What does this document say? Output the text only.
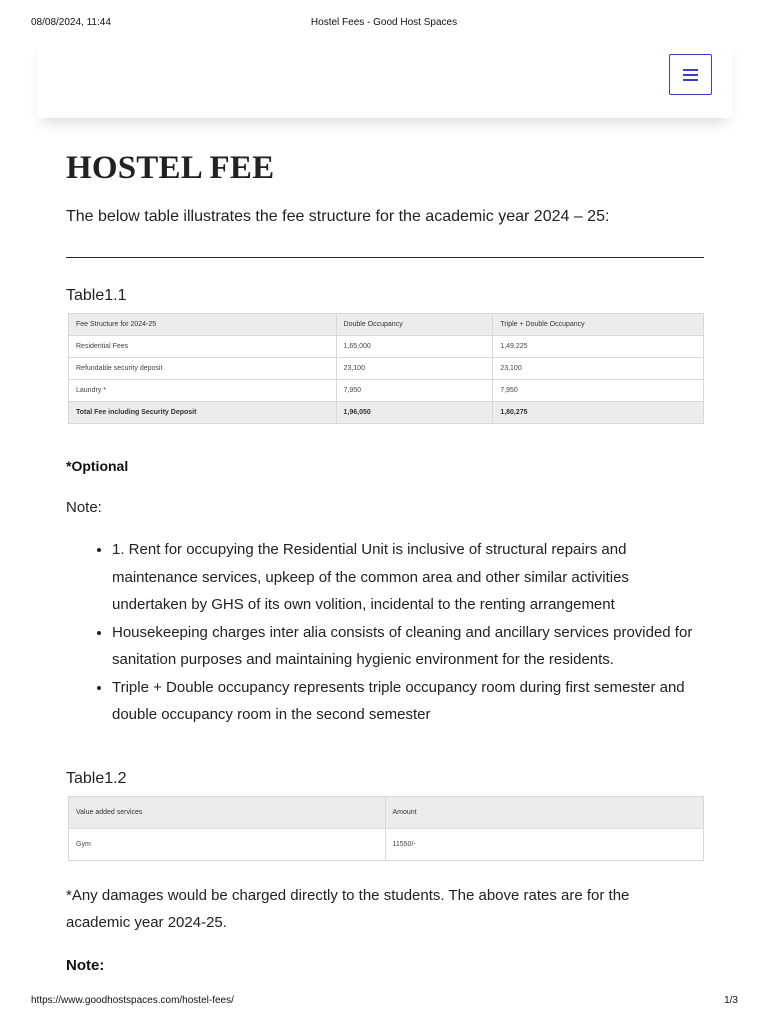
08/08/2024, 11:44	Hostel Fees - Good Host Spaces
HOSTEL FEE
The below table illustrates the fee structure for the academic year 2024 – 25:
Table1.1
Fee Structure for 2024-25	Double Occupancy	Triple + Double Occupancy
Residential Fees	1,65,000	1,49,225
Refundable security deposit	23,100	23,100
Laundry *	7,950	7,950
Total Fee including Security Deposit	1,96,050	1,80,275
*Optional
Note:
• 1. Rent for occupying the Residential Unit is inclusive of structural repairs and maintenance services, upkeep of the common area and other similar activities undertaken by GHS of its own volition, incidental to the renting arrangement
• Housekeeping charges inter alia consists of cleaning and ancillary services provided for sanitation purposes and maintaining hygienic environment for the residents.
• Triple + Double occupancy represents triple occupancy room during first semester and double occupancy room in the second semester
Table1.2
Value added services	Amount
Gym	11550/-
*Any damages would be charged directly to the students. The above rates are for the academic year 2024-25.
Note:
https://www.goodhostspaces.com/hostel-fees/	1/3
